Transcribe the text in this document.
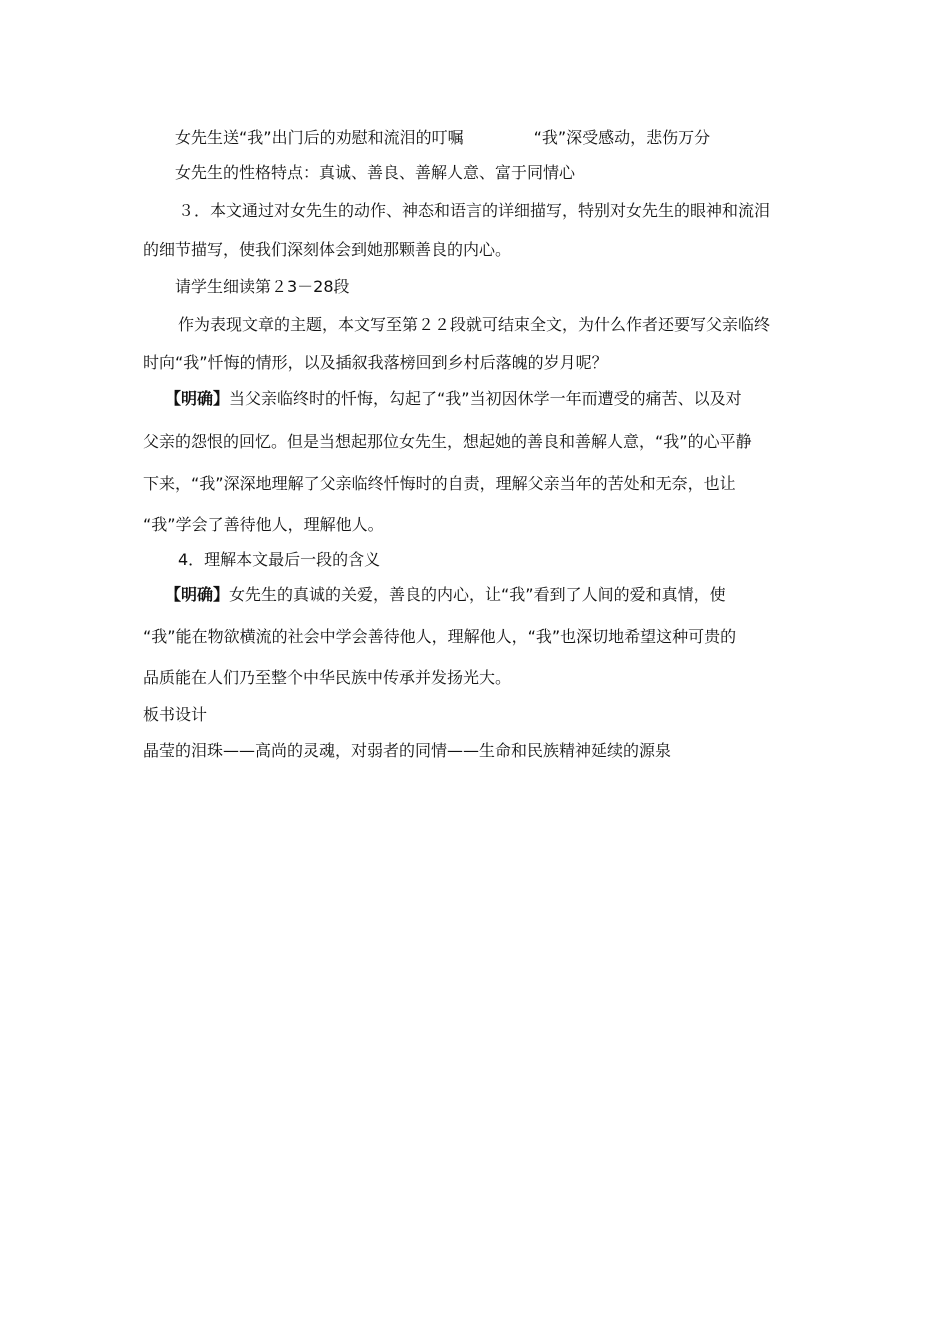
女先生送“我”出门后的劝慰和流泪的叮嘱	“我”深受感动，悲伤万分
女先生的性格特点：真诚、善良、善解人意、富于同情心
３．本文通过对女先生的动作、神态和语言的详细描写，特别对女先生的眼神和流泪
的细节描写，使我们深刻体会到她那颗善良的内心。
请学生细读第２3－28段
作为表现文章的主题，本文写至第２２段就可结束全文，为什么作者还要写父亲临终
时向“我”忏悔的情形，以及插叙我落榜回到乡村后落魄的岁月呢？
【明确】当父亲临终时的忏悔，勾起了“我”当初因休学一年而遭受的痛苦、以及对
父亲的怨恨的回忆。但是当想起那位女先生，想起她的善良和善解人意，“我”的心平静
下来，“我”深深地理解了父亲临终忏悔时的自责，理解父亲当年的苦处和无奈，也让
“我”学会了善待他人，理解他人。
4．理解本文最后一段的含义
【明确】女先生的真诚的关爱，善良的内心，让“我”看到了人间的爱和真情，使
“我”能在物欲横流的社会中学会善待他人，理解他人，“我”也深切地希望这种可贵的
品质能在人们乃至整个中华民族中传承并发扬光大。
板书设计
晶莹的泪珠——高尚的灵魂，对弱者的同情——生命和民族精神延续的源泉
